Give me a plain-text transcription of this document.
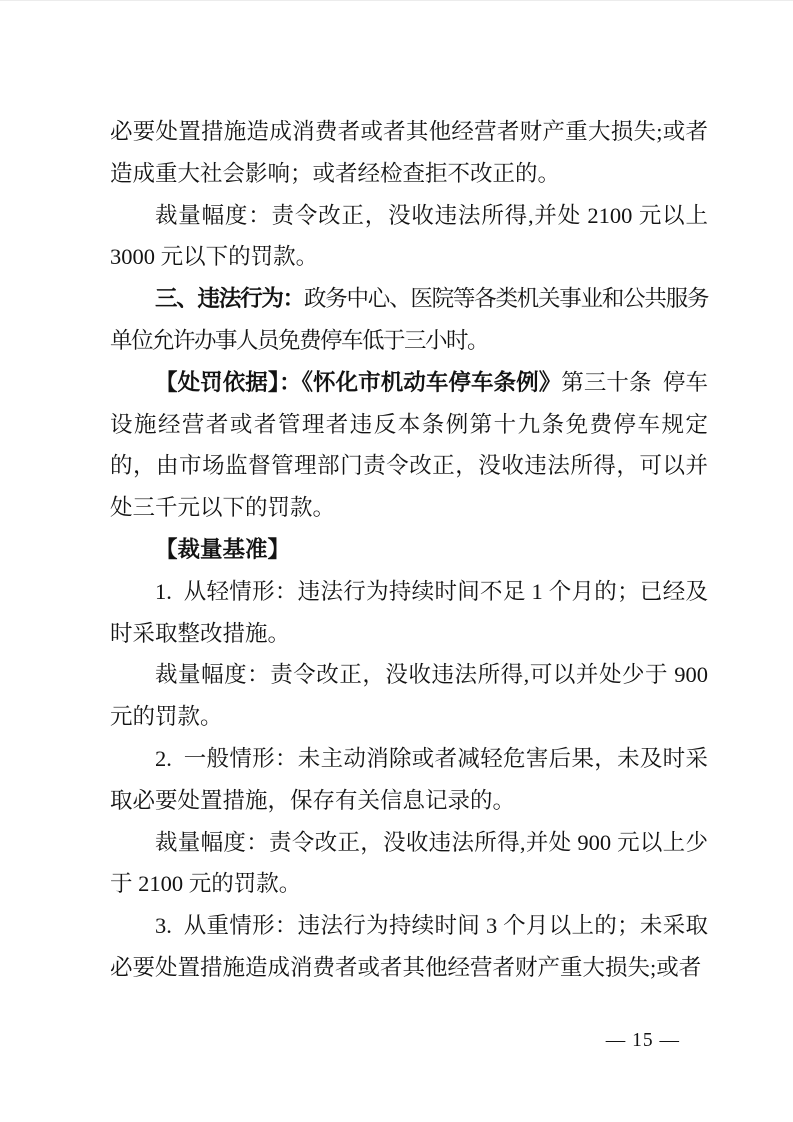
必要处置措施造成消费者或者其他经营者财产重大损失;或者造成重大社会影响；或者经检查拒不改正的。

裁量幅度：责令改正，没收违法所得,并处 2100 元以上 3000 元以下的罚款。

三、违法行为：政务中心、医院等各类机关事业和公共服务单位允许办事人员免费停车低于三小时。

【处罚依据】：《怀化市机动车停车条例》第三十条  停车设施经营者或者管理者违反本条例第十九条免费停车规定的，由市场监督管理部门责令改正，没收违法所得，可以并处三千元以下的罚款。

【裁量基准】

1.  从轻情形：违法行为持续时间不足 1 个月的；已经及时采取整改措施。

裁量幅度：责令改正，没收违法所得,可以并处少于 900 元的罚款。

2.  一般情形：未主动消除或者减轻危害后果，未及时采取必要处置措施，保存有关信息记录的。

裁量幅度：责令改正，没收违法所得,并处 900 元以上少于 2100 元的罚款。

3.  从重情形：违法行为持续时间 3 个月以上的；未采取必要处置措施造成消费者或者其他经营者财产重大损失;或者

— 15 —
